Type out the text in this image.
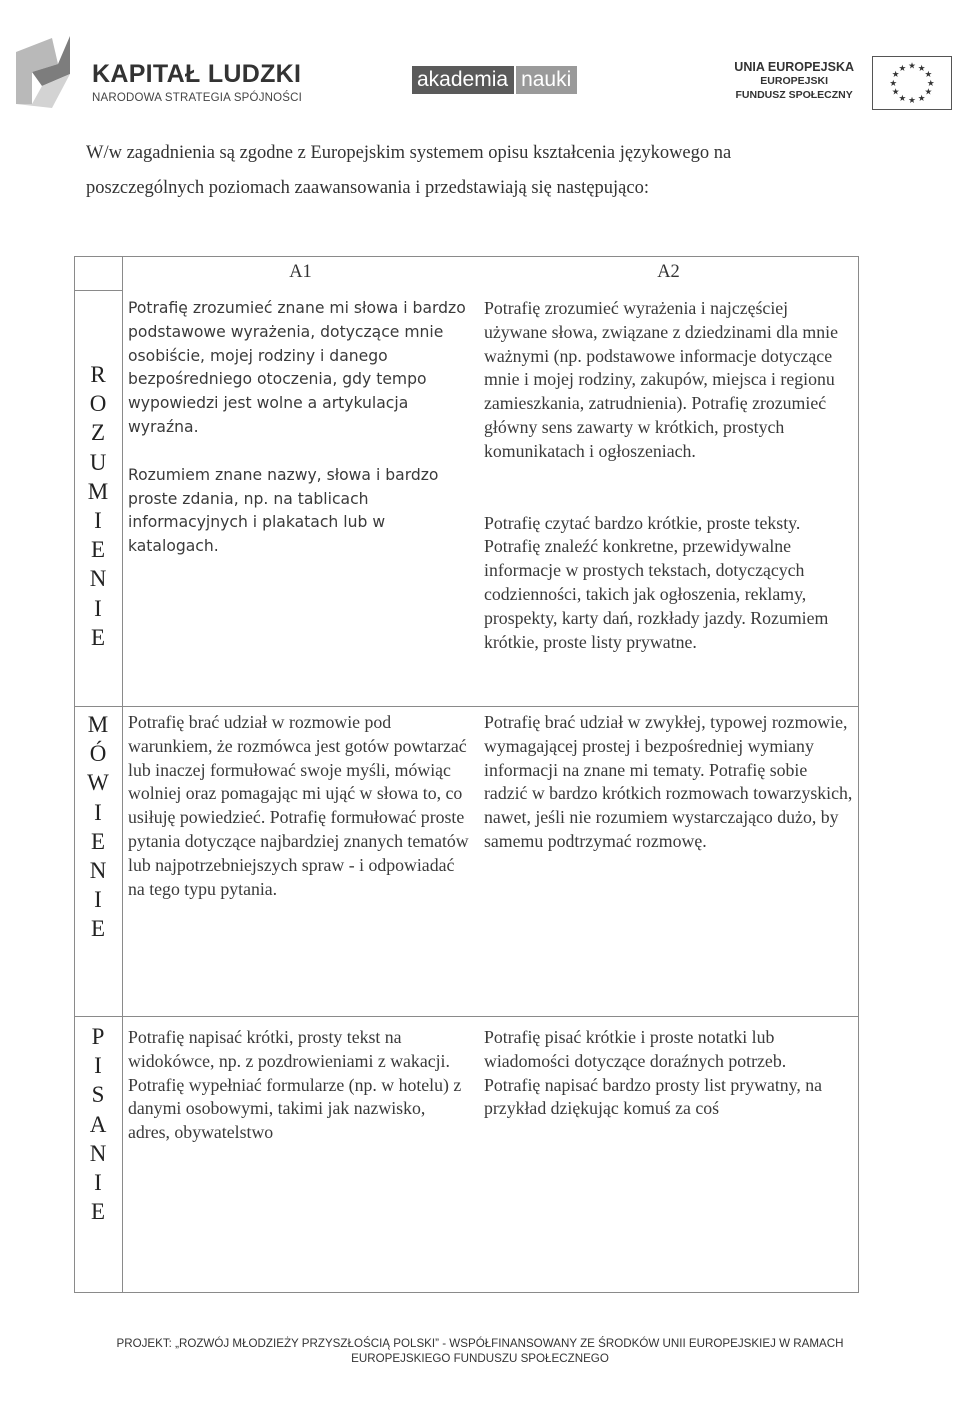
KAPITAŁ LUDZKI
NARODOWA STRATEGIA SPÓJNOŚCI
akademia nauki
UNIA EUROPEJSKA
EUROPEJSKI
FUNDUSZ SPOŁECZNY
★ ★
★
★
★
★
★
★
★
★
★
★
W/w zagadnienia są zgodne z Europejskim systemem opisu kształcenia językowego na poszczególnych poziomach zaawansowania i przedstawiają się następująco:
A1	A2
R
O
Z
U
M
I
E
N
I
E
M
Ó
W
I
E
N
I
E
P
I
S
A
N
I
E

Potrafię zrozumieć znane mi słowa i bardzo podstawowe wyrażenia, dotyczące mnie osobiście, mojej rodziny i danego bezpośredniego otoczenia, gdy tempo wypowiedzi jest wolne a artykulacja wyraźna.

Rozumiem znane nazwy, słowa i bardzo proste zdania, np. na tablicach informacyjnych i plakatach lub w katalogach.

Potrafię zrozumieć wyrażenia i najczęściej używane słowa, związane z dziedzinami dla mnie ważnymi (np. podstawowe informacje dotyczące mnie i mojej rodziny, zakupów, miejsca i regionu zamieszkania, zatrudnienia). Potrafię zrozumieć główny sens zawarty w krótkich, prostych komunikatach i ogłoszeniach.

Potrafię czytać bardzo krótkie, proste teksty. Potrafię znaleźć konkretne, przewidywalne informacje w prostych tekstach, dotyczących codzienności, takich jak ogłoszenia, reklamy, prospekty, karty dań, rozkłady jazdy. Rozumiem krótkie, proste listy prywatne.

Potrafię brać udział w rozmowie pod warunkiem, że rozmówca jest gotów powtarzać lub inaczej formułować swoje myśli, mówiąc wolniej oraz pomagając mi ująć w słowa to, co usiłuję powiedzieć. Potrafię formułować proste pytania dotyczące najbardziej znanych tematów lub najpotrzebniejszych spraw - i odpowiadać na tego typu pytania.

Potrafię brać udział w zwykłej, typowej rozmowie, wymagającej prostej i bezpośredniej wymiany informacji na znane mi tematy. Potrafię sobie radzić w bardzo krótkich rozmowach towarzyskich, nawet, jeśli nie rozumiem wystarczająco dużo, by samemu podtrzymać rozmowę.

Potrafię napisać krótki, prosty tekst na widokówce, np. z pozdrowieniami z wakacji. Potrafię wypełniać formularze (np. w hotelu) z danymi osobowymi, takimi jak nazwisko, adres, obywatelstwo

Potrafię pisać krótkie i proste notatki lub wiadomości dotyczące doraźnych potrzeb. Potrafię napisać bardzo prosty list prywatny, na przykład dziękując komuś za coś

PROJEKT: „ROZWÓJ MŁODZIEŻY PRZYSZŁOŚCIĄ POLSKI” - WSPÓŁFINANSOWANY ZE ŚRODKÓW UNII EUROPEJSKIEJ W RAMACH
EUROPEJSKIEGO FUNDUSZU SPOŁECZNEGO
